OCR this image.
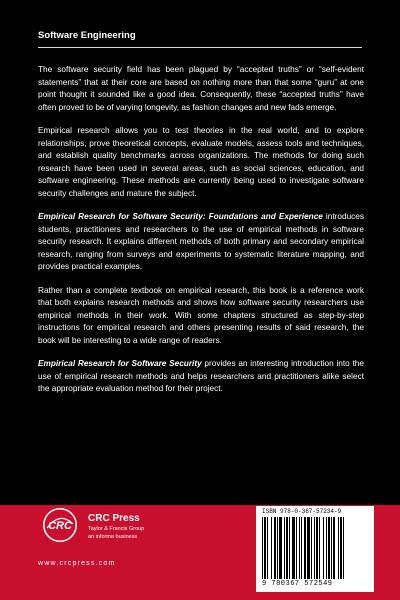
Software Engineering

The software security field has been plagued by “accepted truths” or “self-evident statements” that at their core are based on nothing more than that some “guru” at one point thought it sounded like a good idea. Consequently, these “accepted truths” have often proved to be of varying longevity, as fashion changes and new fads emerge.

Empirical research allows you to test theories in the real world, and to explore relationships, prove theoretical concepts, evaluate models, assess tools and techniques, and establish quality benchmarks across organizations. The methods for doing such research have been used in several areas, such as social sciences, education, and software engineering. These methods are currently being used to investigate software security challenges and mature the subject.

Empirical Research for Software Security: Foundations and Experience introduces students, practitioners and researchers to the use of empirical methods in software security research. It explains different methods of both primary and secondary empirical research, ranging from surveys and experiments to systematic literature mapping, and provides practical examples.

Rather than a complete textbook on empirical research, this book is a reference work that both explains research methods and shows how software security researchers use empirical methods in their work. With some chapters structured as step-by-step instructions for empirical research and others presenting results of said research, the book will be interesting to a wide range of readers.

Empirical Research for Software Security provides an interesting introduction into the use of empirical research methods and helps researchers and practitioners alike select the appropriate evaluation method for their project.

CRC
CRC Press
Taylor & Francis Group
an informa business
www.crcpress.com
ISBN 978-0-367-57234-9
9 780367 572549
